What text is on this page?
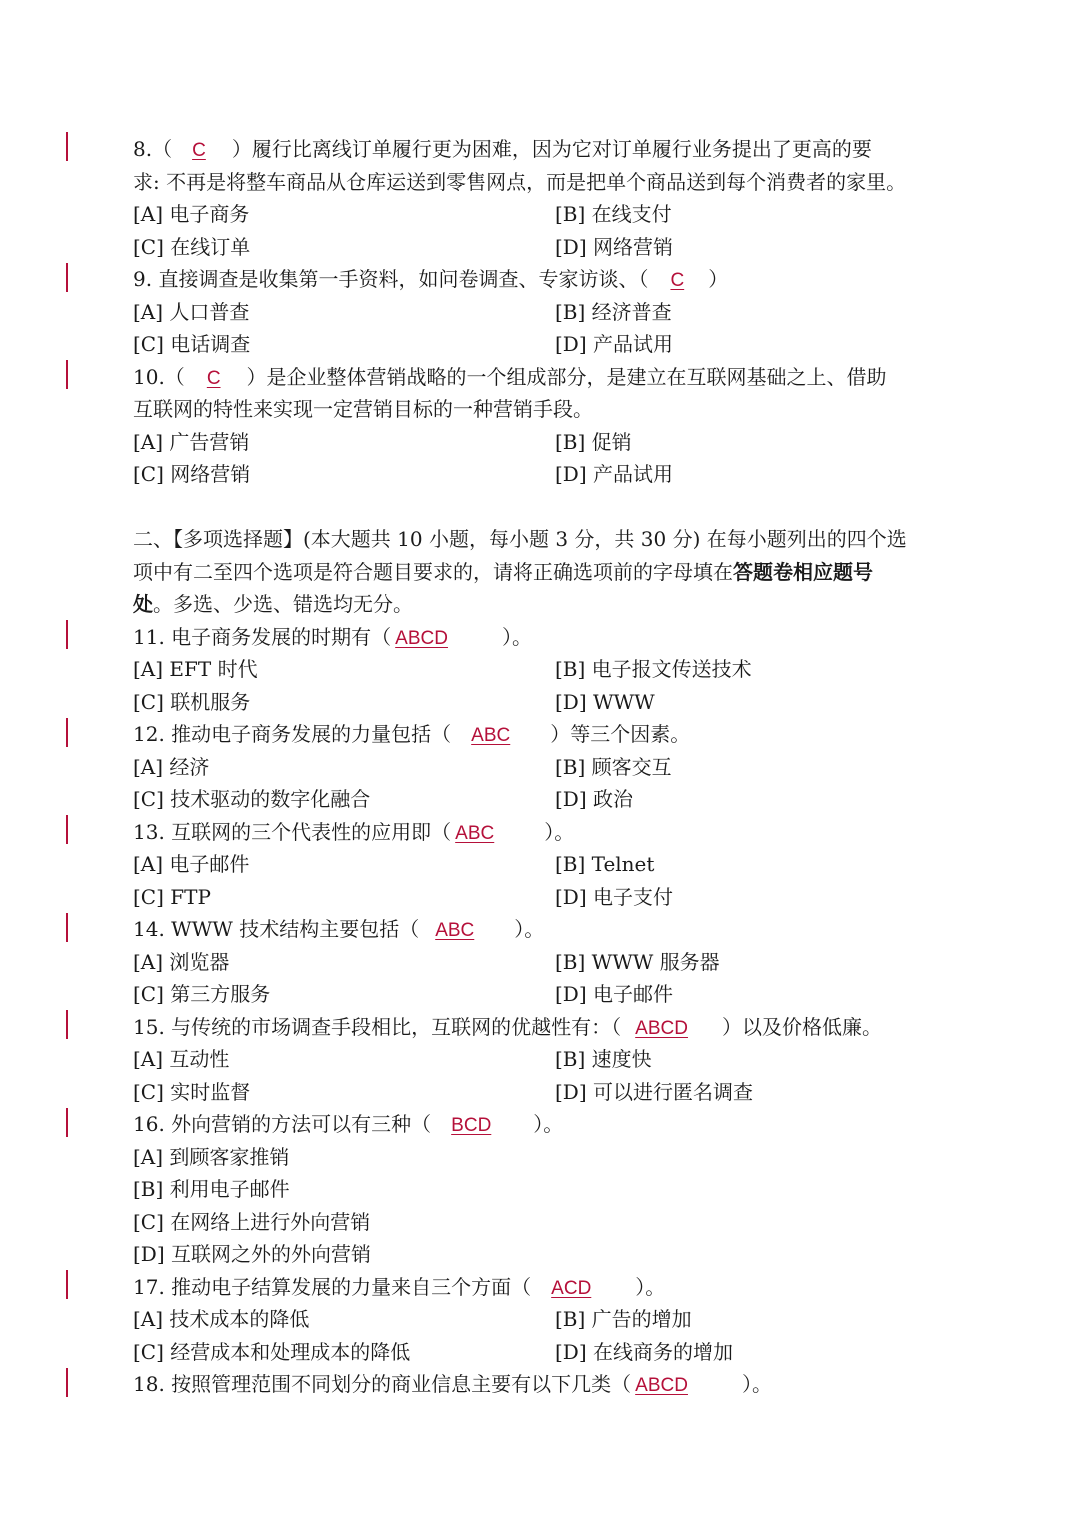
8.（ C ）履行比离线订单履行更为困难，因为它对订单履行业务提出了更高的要
求: 不再是将整车商品从仓库运送到零售网点，而是把单个商品送到每个消费者的家里。
[A] 电子商务	[B] 在线支付
[C] 在线订单	[D] 网络营销
9. 直接调查是收集第一手资料，如问卷调查、专家访谈、（ C ）
[A] 人口普查	[B] 经济普查
[C] 电话调查	[D] 产品试用
10.（ C ）是企业整体营销战略的一个组成部分，是建立在互联网基础之上、借助
互联网的特性来实现一定营销目标的一种营销手段。
[A] 广告营销	[B] 促销
[C] 网络营销	[D] 产品试用
二、【多项选择题】(本大题共 10 小题，每小题 3 分，共 30 分) 在每小题列出的四个选
项中有二至四个选项是符合题目要求的，请将正确选项前的字母填在答题卷相应题号
处。多选、少选、错选均无分。
11. 电子商务发展的时期有（ ABCD	）。
[A] EFT 时代	[B] 电子报文传送技术
[C] 联机服务	[D] WWW
12. 推动电子商务发展的力量包括（ ABC ）等三个因素。
[A] 经济	[B] 顾客交互
[C] 技术驱动的数字化融合	[D] 政治
13. 互联网的三个代表性的应用即（ ABC	）。
[A] 电子邮件	[B] Telnet
[C] FTP	[D] 电子支付
14. WWW 技术结构主要包括（ ABC ）。
[A] 浏览器	[B] WWW 服务器
[C] 第三方服务	[D] 电子邮件
15. 与传统的市场调查手段相比，互联网的优越性有：（ ABCD ）以及价格低廉。
[A] 互动性	[B] 速度快
[C] 实时监督	[D] 可以进行匿名调查
16. 外向营销的方法可以有三种（ BCD ）。
[A] 到顾客家推销
[B] 利用电子邮件
[C] 在网络上进行外向营销
[D] 互联网之外的外向营销
17. 推动电子结算发展的力量来自三个方面（ ACD ）。
[A] 技术成本的降低	[B] 广告的增加
[C] 经营成本和处理成本的降低	[D] 在线商务的增加
18. 按照管理范围不同划分的商业信息主要有以下几类（ ABCD	）。
